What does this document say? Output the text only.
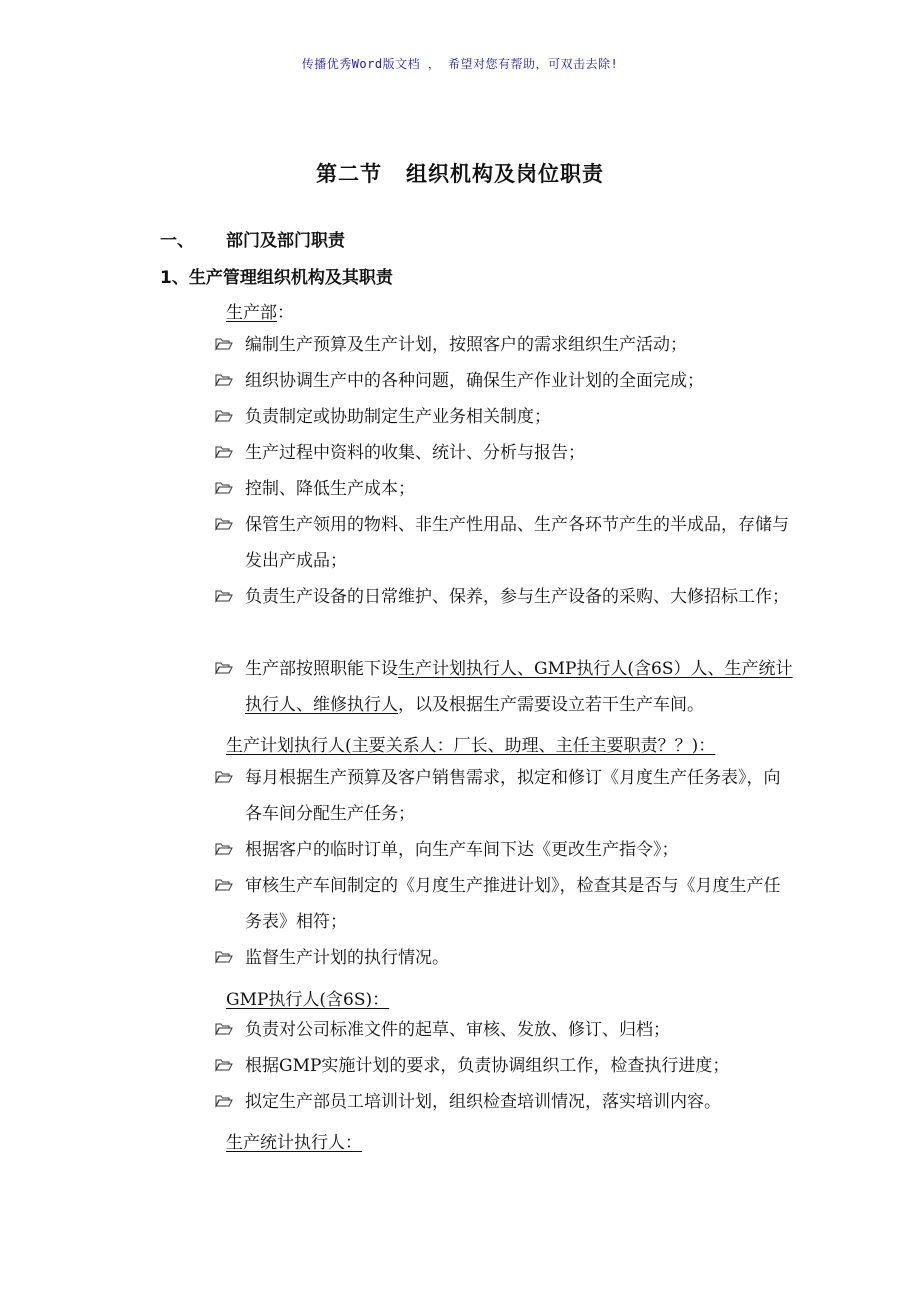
传播优秀Word版文档 ， 希望对您有帮助，可双击去除!
第二节 组织机构及岗位职责
一、 部门及部门职责
1、生产管理组织机构及其职责
生产部：
编制生产预算及生产计划，按照客户的需求组织生产活动；
组织协调生产中的各种问题，确保生产作业计划的全面完成；
负责制定或协助制定生产业务相关制度；
生产过程中资料的收集、统计、分析与报告；
控制、降低生产成本；
保管生产领用的物料、非生产性用品、生产各环节产生的半成品，存储与发出产成品；
负责生产设备的日常维护、保养，参与生产设备的采购、大修招标工作；
生产部按照职能下设生产计划执行人、GMP执行人(含6S）人、生产统计执行人、维修执行人，以及根据生产需要设立若干生产车间。
生产计划执行人(主要关系人：厂长、助理、主任主要职责？？)：
每月根据生产预算及客户销售需求，拟定和修订《月度生产任务表》，向各车间分配生产任务；
根据客户的临时订单，向生产车间下达《更改生产指令》；
审核生产车间制定的《月度生产推进计划》，检查其是否与《月度生产任务表》相符；
监督生产计划的执行情况。
GMP执行人(含6S)：
负责对公司标准文件的起草、审核、发放、修订、归档；
根据GMP实施计划的要求，负责协调组织工作，检查执行进度；
拟定生产部员工培训计划，组织检查培训情况，落实培训内容。
生产统计执行人：
